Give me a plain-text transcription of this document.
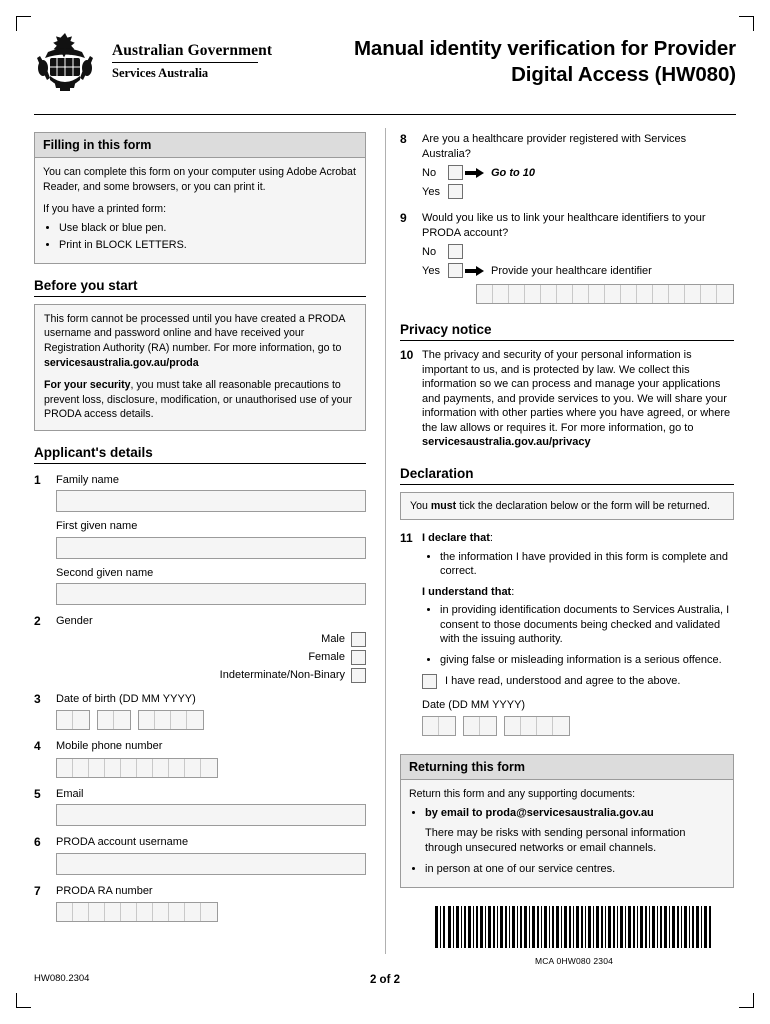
Australian Government
Services Australia
Manual identity verification for Provider Digital Access (HW080)
Filling in this form
You can complete this form on your computer using Adobe Acrobat Reader, and some browsers, or you can print it.
If you have a printed form:
• Use black or blue pen.
• Print in BLOCK LETTERS.
Before you start
This form cannot be processed until you have created a PRODA username and password online and have received your Registration Authority (RA) number. For more information, go to servicesaustralia.gov.au/proda
For your security, you must take all reasonable precautions to prevent loss, disclosure, modification, or unauthorised use of your PRODA access details.
Applicant's details
1 Family name
First given name
Second given name
2 Gender
Male
Female
Indeterminate/Non-Binary
3 Date of birth (DD MM YYYY)
4 Mobile phone number
5 Email
6 PRODA account username
7 PRODA RA number
8 Are you a healthcare provider registered with Services Australia?
No	Go to 10
Yes
9 Would you like us to link your healthcare identifiers to your PRODA account?
No
Yes	Provide your healthcare identifier
Privacy notice
10 The privacy and security of your personal information is important to us, and is protected by law. We collect this information so we can process and manage your applications and payments, and provide services to you. We will share your information with other parties where you have agreed, or where the law allows or requires it. For more information, go to servicesaustralia.gov.au/privacy
Declaration
You must tick the declaration below or the form will be returned.
11 I declare that:
• the information I have provided in this form is complete and correct.
I understand that:
• in providing identification documents to Services Australia, I consent to those documents being checked and validated with the issuing authority.
• giving false or misleading information is a serious offence.
I have read, understood and agree to the above.
Date (DD MM YYYY)
Returning this form
Return this form and any supporting documents:
• by email to proda@servicesaustralia.gov.au
There may be risks with sending personal information through unsecured networks or email channels.
• in person at one of our service centres.
MCA 0HW080 2304
HW080.2304	2 of 2
